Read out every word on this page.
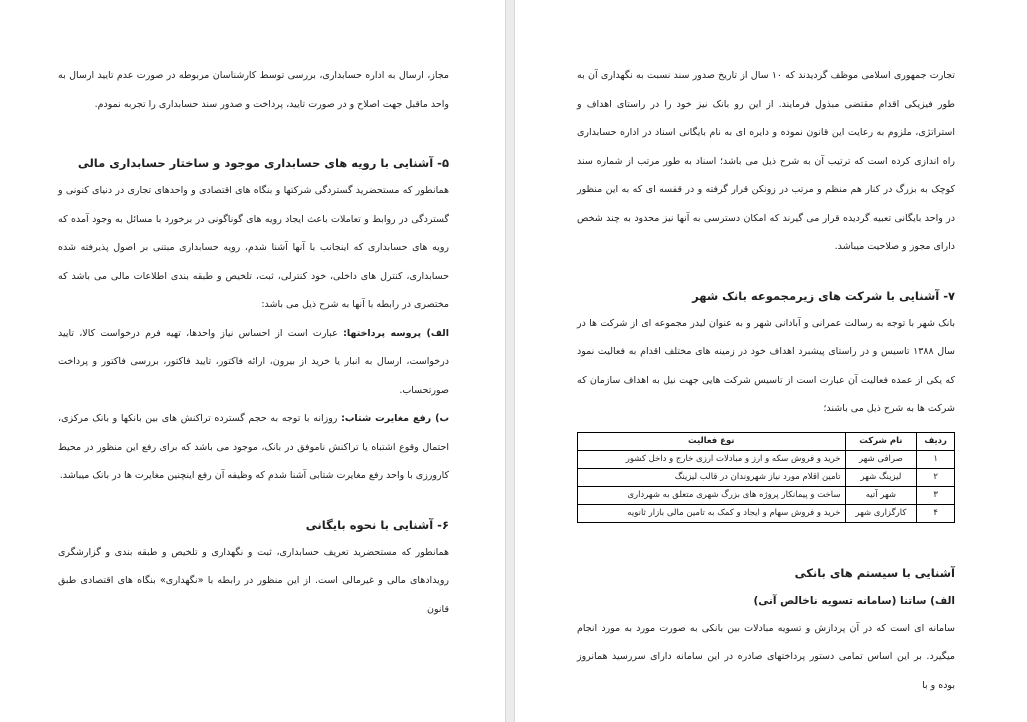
مجاز، ارسال به اداره حسابداری، بررسی توسط کارشناسان مربوطه در صورت عدم تایید ارسال به واحد ماقبل جهت اصلاح و در صورت تایید، پرداخت و صدور سند حسابداری را تجربه نمودم.

۵- آشنایی با رویه های حسابداری موجود و ساختار حسابداری مالی

همانطور که مستحضرید گستردگی شرکتها و بنگاه های اقتصادی و واحدهای تجاری در دنیای کنونی و گستردگی در روابط و تعاملات باعث ایجاد رویه های گوناگونی در برخورد با مسائل به وجود آمده که رویه های حسابداری که اینجانب با آنها آشنا شدم، رویه حسابداری مبتنی بر اصول پذیرفته شده حسابداری، کنترل های داخلی، خود کنترلی، ثبت، تلخیص و طبقه بندی اطلاعات مالی می باشد که مختصری در رابطه با آنها به شرح ذیل می باشد:

الف) پروسه پرداختها: عبارت است از احساس نیاز واحدها، تهیه فرم درخواست کالا، تایید درخواست، ارسال به انبار یا خرید از بیرون، ارائه فاکتور، تایید فاکتور، بررسی فاکتور و پرداخت صورتحساب.

ب) رفع مغایرت شتاب: روزانه با توجه به حجم گسترده تراکنش های بین بانکها و بانک مرکزی، احتمال وقوع اشتباه یا تراکنش ناموفق در بانک، موجود می باشد که برای رفع این منظور در محیط کارورزی با واحد رفع مغایرت شتابی آشنا شدم که وظیفه آن رفع اینچنین مغایرت ها در بانک میباشد.

۶- آشنایی با نحوه بایگانی

همانطور که مستحضرید تعریف حسابداری، ثبت و نگهداری و تلخیص و طبقه بندی و گزارشگری رویدادهای مالی و غیرمالی است. از این منظور در رابطه با «نگهداری» بنگاه های اقتصادی طبق قانون

تجارت جمهوری اسلامی موظف گردیدند که ۱۰ سال از تاریخ صدور سند نسبت به نگهداری آن به طور فیزیکی اقدام مقتضی مبذول فرمایند. از این رو بانک نیز خود را در راستای اهداف و استراتژی، ملزوم به رعایت این قانون نموده و دایره ای به نام بایگانی اسناد در اداره حسابداری راه اندازی کرده است که ترتیب آن به شرح ذیل می باشد؛ اسناد به طور مرتب از شماره سند کوچک به بزرگ در کنار هم منظم و مرتب در زونکن قرار گرفته و در قفسه ای که به این منظور در واحد بایگانی تعبیه گردیده قرار می گیرند که امکان دسترسی به آنها نیز محدود به چند شخص دارای مجوز و صلاحیت میباشد.

۷- آشنایی با شرکت های زیرمجموعه بانک شهر

بانک شهر با توجه به رسالت عمرانی و آبادانی شهر و به عنوان لیدر مجموعه ای از شرکت ها در سال ۱۳۸۸ تاسیس و در راستای پیشبرد اهداف خود در زمینه های مختلف اقدام به فعالیت نمود که یکی از عمده فعالیت آن عبارت است از تاسیس شرکت هایی جهت نیل به اهداف سازمان که شرکت ها به شرح ذیل می باشند؛

ردیف	نام شرکت	نوع فعالیت
۱	صرافی شهر	خرید و فروش سکه و ارز و مبادلات ارزی خارج و داخل کشور
۲	لیزینگ شهر	تامین اقلام مورد نیاز شهروندان در قالب لیزینگ
۳	شهر آتیه	ساخت و پیمانکار پروژه های بزرگ شهری متعلق به شهرداری
۴	کارگزاری شهر	خرید و فروش سهام و ایجاد و کمک به تامین مالی بازار ثانویه
آشنایی با سیستم های بانکی
الف) ساتنا (سامانه تسویه ناخالص آنی)

سامانه ای است که در آن پردازش و تسویه مبادلات بین بانکی به صورت مورد به مورد انجام میگیرد. بر این اساس تمامی دستور پرداختهای صادره در این سامانه دارای سررسید همانروز بوده و با
